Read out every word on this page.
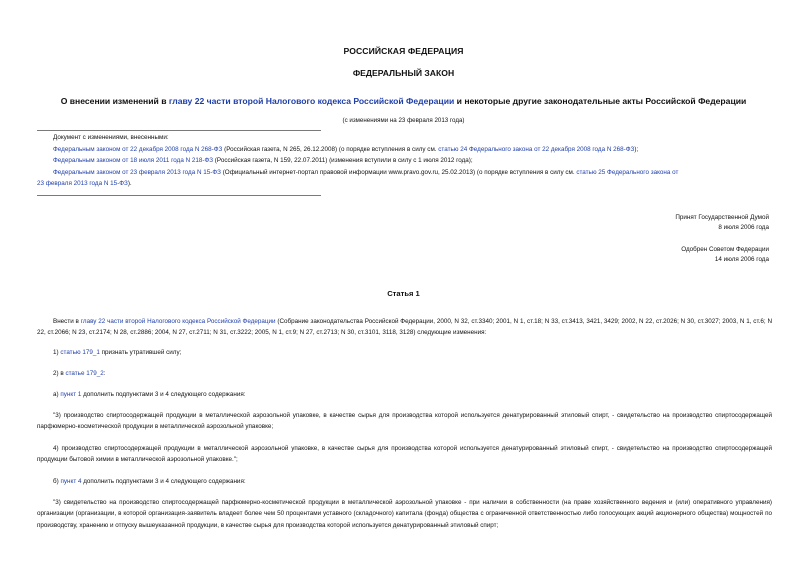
РОССИЙСКАЯ ФЕДЕРАЦИЯ
ФЕДЕРАЛЬНЫЙ ЗАКОН
О внесении изменений в главу 22 части второй Налогового кодекса Российской Федерации и некоторые другие законодательные акты Российской Федерации
(с изменениями на 23 февраля 2013 года)
Документ с изменениями, внесенными:
Федеральным законом от 22 декабря 2008 года N 268-ФЗ (Российская газета, N 265, 26.12.2008) (о порядке вступления в силу см. статью 24 Федерального закона от 22 декабря 2008 года N 268-ФЗ);
Федеральным законом от 18 июля 2011 года N 218-ФЗ (Российская газета, N 159, 22.07.2011) (изменения вступили в силу с 1 июля 2012 года);
Федеральным законом от 23 февраля 2013 года N 15-ФЗ (Официальный интернет-портал правовой информации www.pravo.gov.ru, 25.02.2013) (о порядке вступления в силу см. статью 25 Федерального закона от
23 февраля 2013 года N 15-ФЗ).
Принят Государственной Думой
8 июля 2006 года
Одобрен Советом Федерации
14 июля 2006 года
Статья 1
Внести в главу 22 части второй Налогового кодекса Российской Федерации (Собрание законодательства Российской Федерации, 2000, N 32, ст.3340; 2001, N 1, ст.18; N 33, ст.3413, 3421, 3429; 2002, N 22, ст.2026; N 30, ст.3027; 2003, N 1, ст.6; N 22, ст.2066; N 23, ст.2174; N 28, ст.2886; 2004, N 27, ст.2711; N 31, ст.3222; 2005, N 1, ст.9; N 27, ст.2713; N 30, ст.3101, 3118, 3128) следующие изменения:
1) статью 179_1 признать утратившей силу;
2) в статье 179_2:
а) пункт 1 дополнить подпунктами 3 и 4 следующего содержания:
"3) производство спиртосодержащей продукции в металлической аэрозольной упаковке, в качестве сырья для производства которой используется денатурированный этиловый спирт, - свидетельство на производство спиртосодержащей парфюмерно-косметической продукции в металлической аэрозольной упаковке;
4) производство спиртосодержащей продукции в металлической аэрозольной упаковке, в качестве сырья для производства которой используется денатурированный этиловый спирт, - свидетельство на производство спиртосодержащей продукции бытовой химии в металлической аэрозольной упаковке.";
б) пункт 4 дополнить подпунктами 3 и 4 следующего содержания:
"3) свидетельство на производство спиртосодержащей парфюмерно-косметической продукции в металлической аэрозольной упаковке - при наличии в собственности (на праве хозяйственного ведения и (или) оперативного управления) организации (организации, в которой организация-заявитель владеет более чем 50 процентами уставного (складочного) капитала (фонда) общества с ограниченной ответственностью либо голосующих акций акционерного общества) мощностей по производству, хранению и отпуску вышеуказанной продукции, в качестве сырья для производства которой используется денатурированный этиловый спирт;
